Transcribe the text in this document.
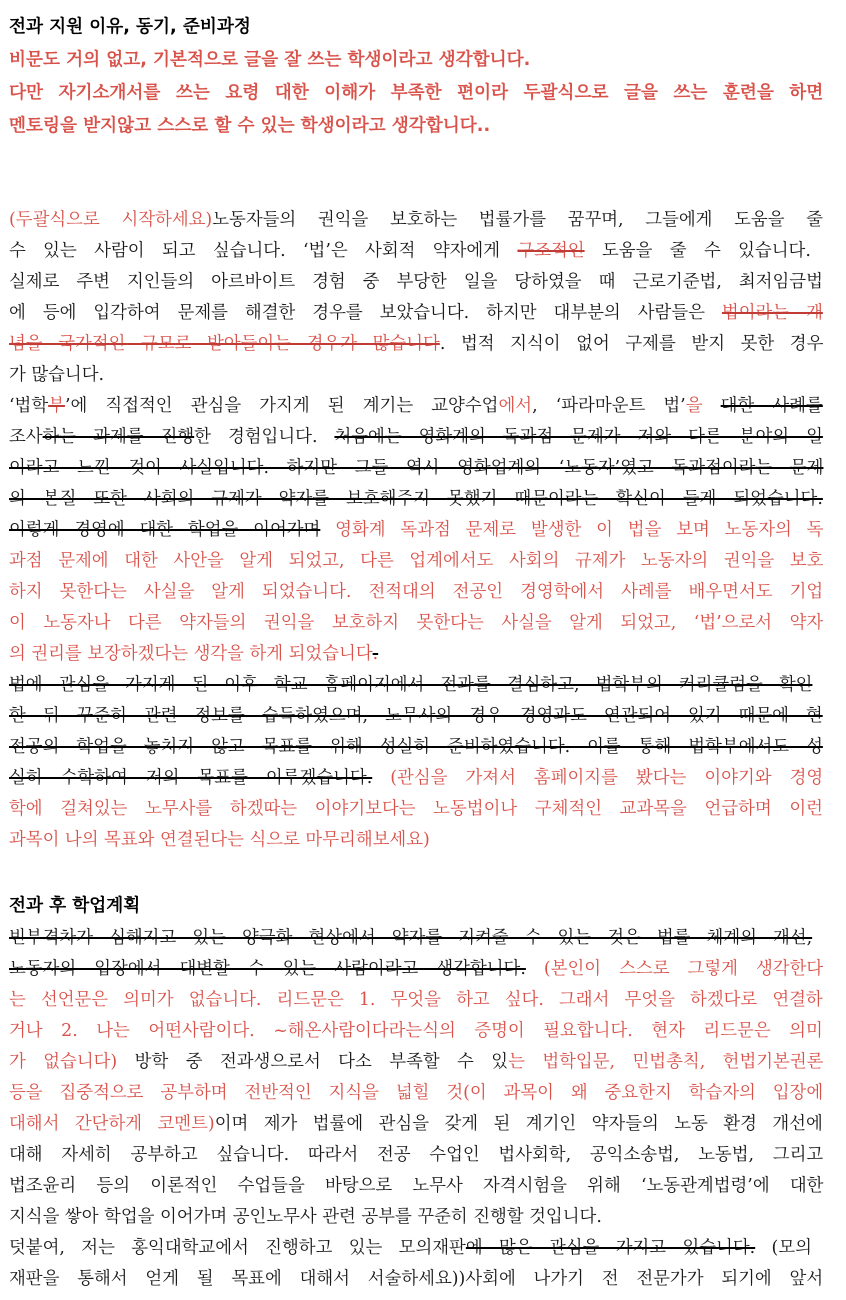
전과 지원 이유, 동기, 준비과정
비문도 거의 없고, 기본적으로 글을 잘 쓰는 학생이라고 생각합니다.
다만 자기소개서를 쓰는 요령 대한 이해가 부족한 편이라 두괄식으로 글을 쓰는 훈련을 하면
멘토링을 받지않고 스스로 할 수 있는 학생이라고 생각합니다..
(두괄식으로 시작하세요)노동자들의 권익을 보호하는 법률가를 꿈꾸며, 그들에게 도움을 줄
수 있는 사람이 되고 싶습니다. ‘법’은 사회적 약자에게 구조적인 도움을 줄 수 있습니다.
실제로 주변 지인들의 아르바이트 경험 중 부당한 일을 당하였을 때 근로기준법, 최저임금법
에 등에 입각하여 문제를 해결한 경우를 보았습니다. 하지만 대부분의 사람들은 법이라는 개
념을 국가적인 규모로 받아들이는 경우가 많습니다. 법적 지식이 없어 구제를 받지 못한 경우
가 많습니다.
‘법학부’에 직접적인 관심을 가지게 된 계기는 교양수업에서, ‘파라마운트 법’을 대한 사례를
조사하는 과제를 진행한 경험입니다. 처음에는 영화계의 독과점 문제가 저와 다른 분야의 일
이라고 느낀 것이 사실입니다. 하지만 그들 역시 영화업계의 ‘노동자’였고 독과점이라는 문제
의 본질 또한 사회의 규제가 약자를 보호해주지 못했기 때문이라는 확신이 들게 되었습니다.
이렇게 경영에 대한 학업을 이어가며 영화계 독과점 문제로 발생한 이 법을 보며 노동자의 독
과점 문제에 대한 사안을 알게 되었고, 다른 업계에서도 사회의 규제가 노동자의 권익을 보호
하지 못한다는 사실을 알게 되었습니다. 전적대의 전공인 경영학에서 사례를 배우면서도 기업
이 노동자나 다른 약자들의 권익을 보호하지 못한다는 사실을 알게 되었고, ‘법’으로서 약자
의 권리를 보장하겠다는 생각을 하게 되었습니다.
법에 관심을 가지게 된 이후 학교 홈페이지에서 전과를 결심하고, 법학부의 커리큘럼을 확인
한 뒤 꾸준히 관련 정보를 습득하였으며, 노무사의 경우 경영과도 연관되어 있기 때문에 현
전공의 학업을 놓치지 않고 목표를 위해 성실히 준비하였습니다. 이를 통해 법학부에서도 성
실히 수학하여 저의 목표를 이루겠습니다. (관심을 가져서 홈페이지를 봤다는 이야기와 경영
학에 걸쳐있는 노무사를 하겠따는 이야기보다는 노동법이나 구체적인 교과목을 언급하며 이런
과목이 나의 목표와 연결된다는 식으로 마무리해보세요)
전과 후 학업계획
빈부격차가 심해지고 있는 양극화 현상에서 약자를 지켜줄 수 있는 것은 법률 체계의 개선,
노동자의 입장에서 대변할 수 있는 사람이라고 생각합니다. (본인이 스스로 그렇게 생각한다
는 선언문은 의미가 없습니다. 리드문은 1. 무엇을 하고 싶다. 그래서 무엇을 하겠다로 연결하
거나 2. 나는 어떤사람이다. ~해온사람이다라는식의 증명이 필요합니다. 현자 리드문은 의미
가 없습니다) 방학 중 전과생으로서 다소 부족할 수 있는 법학입문, 민법총칙, 헌법기본권론
등을 집중적으로 공부하며 전반적인 지식을 넓힐 것(이 과목이 왜 중요한지 학습자의 입장에
대해서 간단하게 코멘트)이며 제가 법률에 관심을 갖게 된 계기인 약자들의 노동 환경 개선에
대해 자세히 공부하고 싶습니다. 따라서 전공 수업인 법사회학, 공익소송법, 노동법, 그리고
법조윤리 등의 이론적인 수업들을 바탕으로 노무사 자격시험을 위해 ‘노동관계법령’에 대한
지식을 쌓아 학업을 이어가며 공인노무사 관련 공부를 꾸준히 진행할 것입니다.
덧붙여, 저는 홍익대학교에서 진행하고 있는 모의재판에 많은 관심을 가지고 있습니다. (모의
재판을 통해서 얻게 될 목표에 대해서 서술하세요))사회에 나가기 전 전문가가 되기에 앞서
